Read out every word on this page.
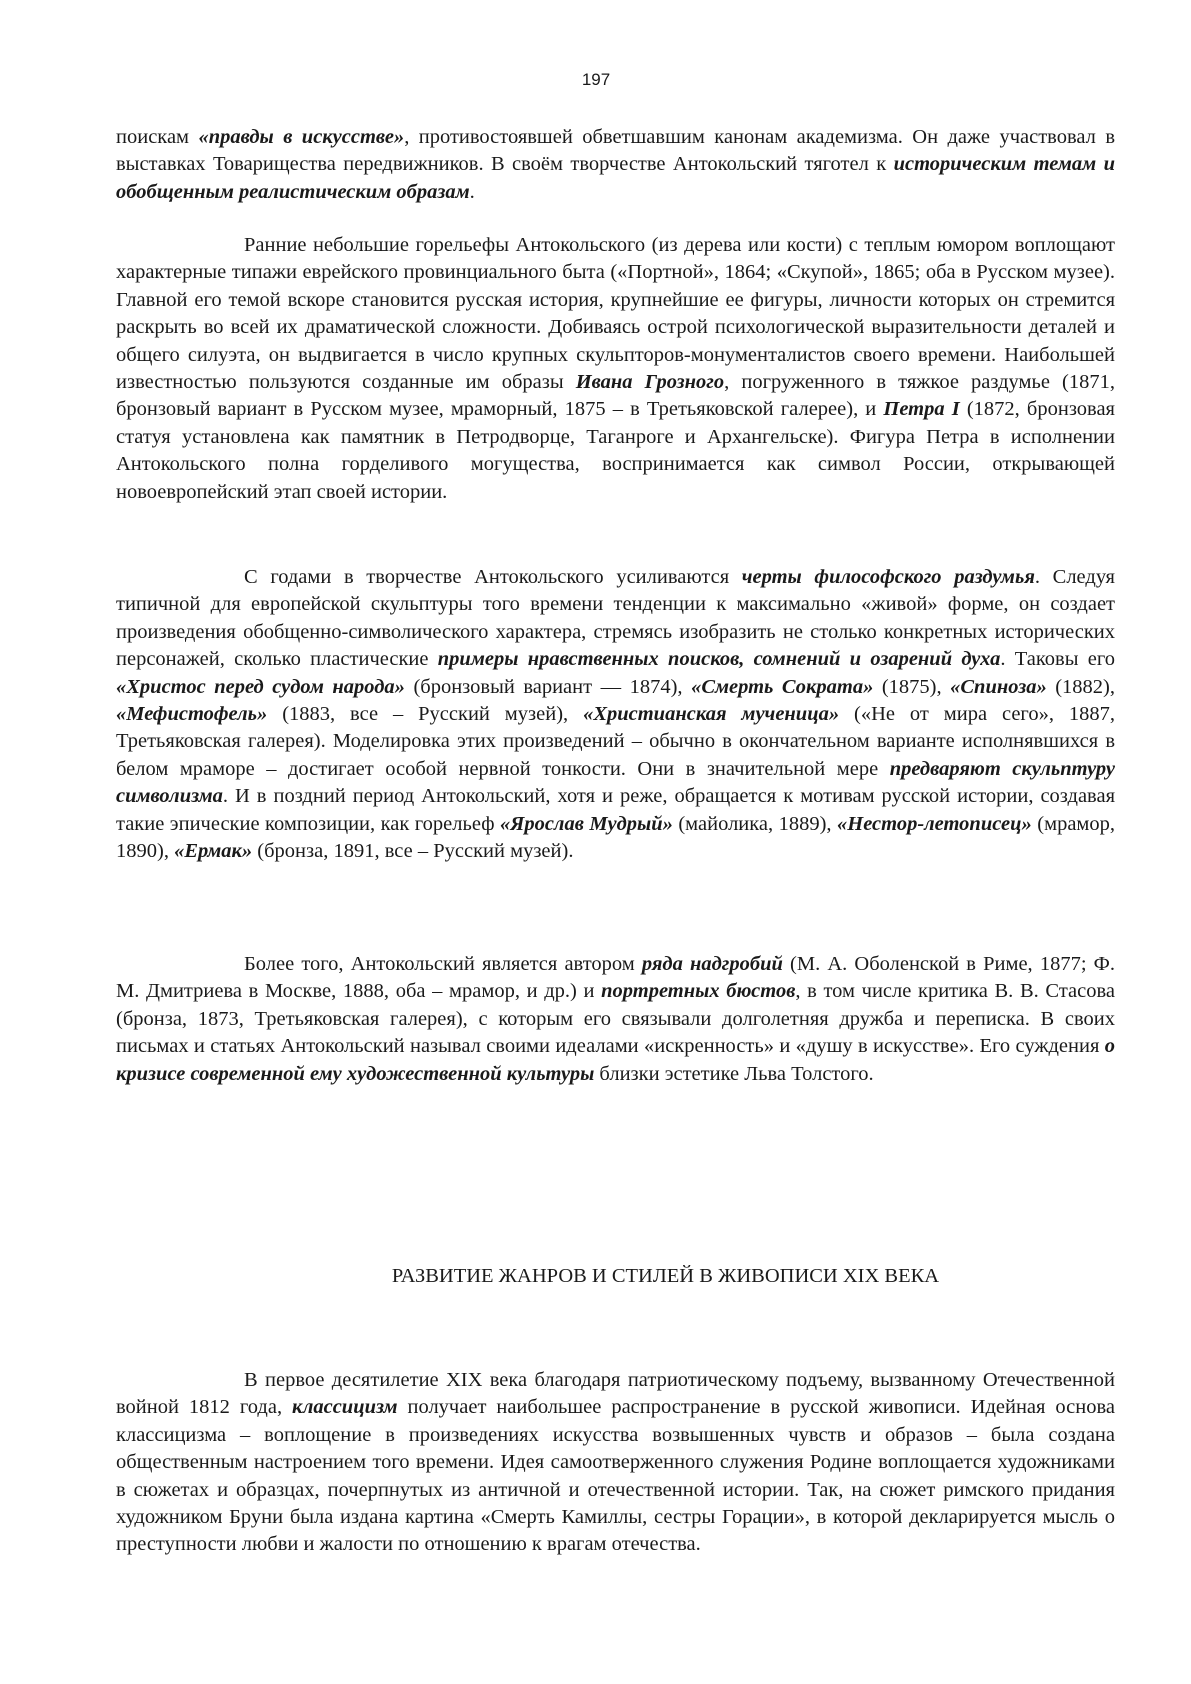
197

поискам «правды в искусстве», противостоявшей обветшавшим канонам академизма. Он даже участвовал в выставках Товарищества передвижников. В своём творчестве Антокольский тяготел к историческим темам и обобщенным реалистическим образам.

Ранние небольшие горельефы Антокольского (из дерева или кости) с теплым юмором воплощают характерные типажи еврейского провинциального быта («Портной», 1864; «Скупой», 1865; оба в Русском музее). Главной его темой вскоре становится русская история, крупнейшие ее фигуры, личности которых он стремится раскрыть во всей их драматической сложности. Добиваясь острой психологической выразительности деталей и общего силуэта, он выдвигается в число крупных скульпторов-монументалистов своего времени. Наибольшей известностью пользуются созданные им образы Ивана Грозного, погруженного в тяжкое раздумье (1871, бронзовый вариант в Русском музее, мраморный, 1875 – в Третьяковской галерее), и Петра I (1872, бронзовая статуя установлена как памятник в Петродворце, Таганроге и Архангельске). Фигура Петра в исполнении Антокольского полна горделивого могущества, воспринимается как символ России, открывающей новоевропейский этап своей истории.

С годами в творчестве Антокольского усиливаются черты философского раздумья. Следуя типичной для европейской скульптуры того времени тенденции к максимально «живой» форме, он создает произведения обобщенно-символического характера, стремясь изобразить не столько конкретных исторических персонажей, сколько пластические примеры нравственных поисков, сомнений и озарений духа. Таковы его «Христос перед судом народа» (бронзовый вариант — 1874), «Смерть Сократа» (1875), «Спиноза» (1882), «Мефистофель» (1883, все – Русский музей), «Христианская мученица» («Не от мира сего», 1887, Третьяковская галерея). Моделировка этих произведений – обычно в окончательном варианте исполнявшихся в белом мраморе – достигает особой нервной тонкости. Они в значительной мере предваряют скульптуру символизма. И в поздний период Антокольский, хотя и реже, обращается к мотивам русской истории, создавая такие эпические композиции, как горельеф «Ярослав Мудрый» (майолика, 1889), «Нестор-летописец» (мрамор, 1890), «Ермак» (бронза, 1891, все – Русский музей).

Более того, Антокольский является автором ряда надгробий (М. А. Оболенской в Риме, 1877; Ф. М. Дмитриева в Москве, 1888, оба – мрамор, и др.) и портретных бюстов, в том числе критика В. В. Стасова (бронза, 1873, Третьяковская галерея), с которым его связывали долголетняя дружба и переписка. В своих письмах и статьях Антокольский называл своими идеалами «искренность» и «душу в искусстве». Его суждения о кризисе современной ему художественной культуры близки эстетике Льва Толстого.

РАЗВИТИЕ ЖАНРОВ И СТИЛЕЙ В ЖИВОПИСИ XIX ВЕКА

В первое десятилетие XIX века благодаря патриотическому подъему, вызванному Отечественной войной 1812 года, классицизм получает наибольшее распространение в русской живописи. Идейная основа классицизма – воплощение в произведениях искусства возвышенных чувств и образов – была создана общественным настроением того времени. Идея самоотверженного служения Родине воплощается художниками в сюжетах и образцах, почерпнутых из античной и отечественной истории. Так, на сюжет римского придания художником Бруни была издана картина «Смерть Камиллы, сестры Горации», в которой декларируется мысль о преступности любви и жалости по отношению к врагам отечества.
